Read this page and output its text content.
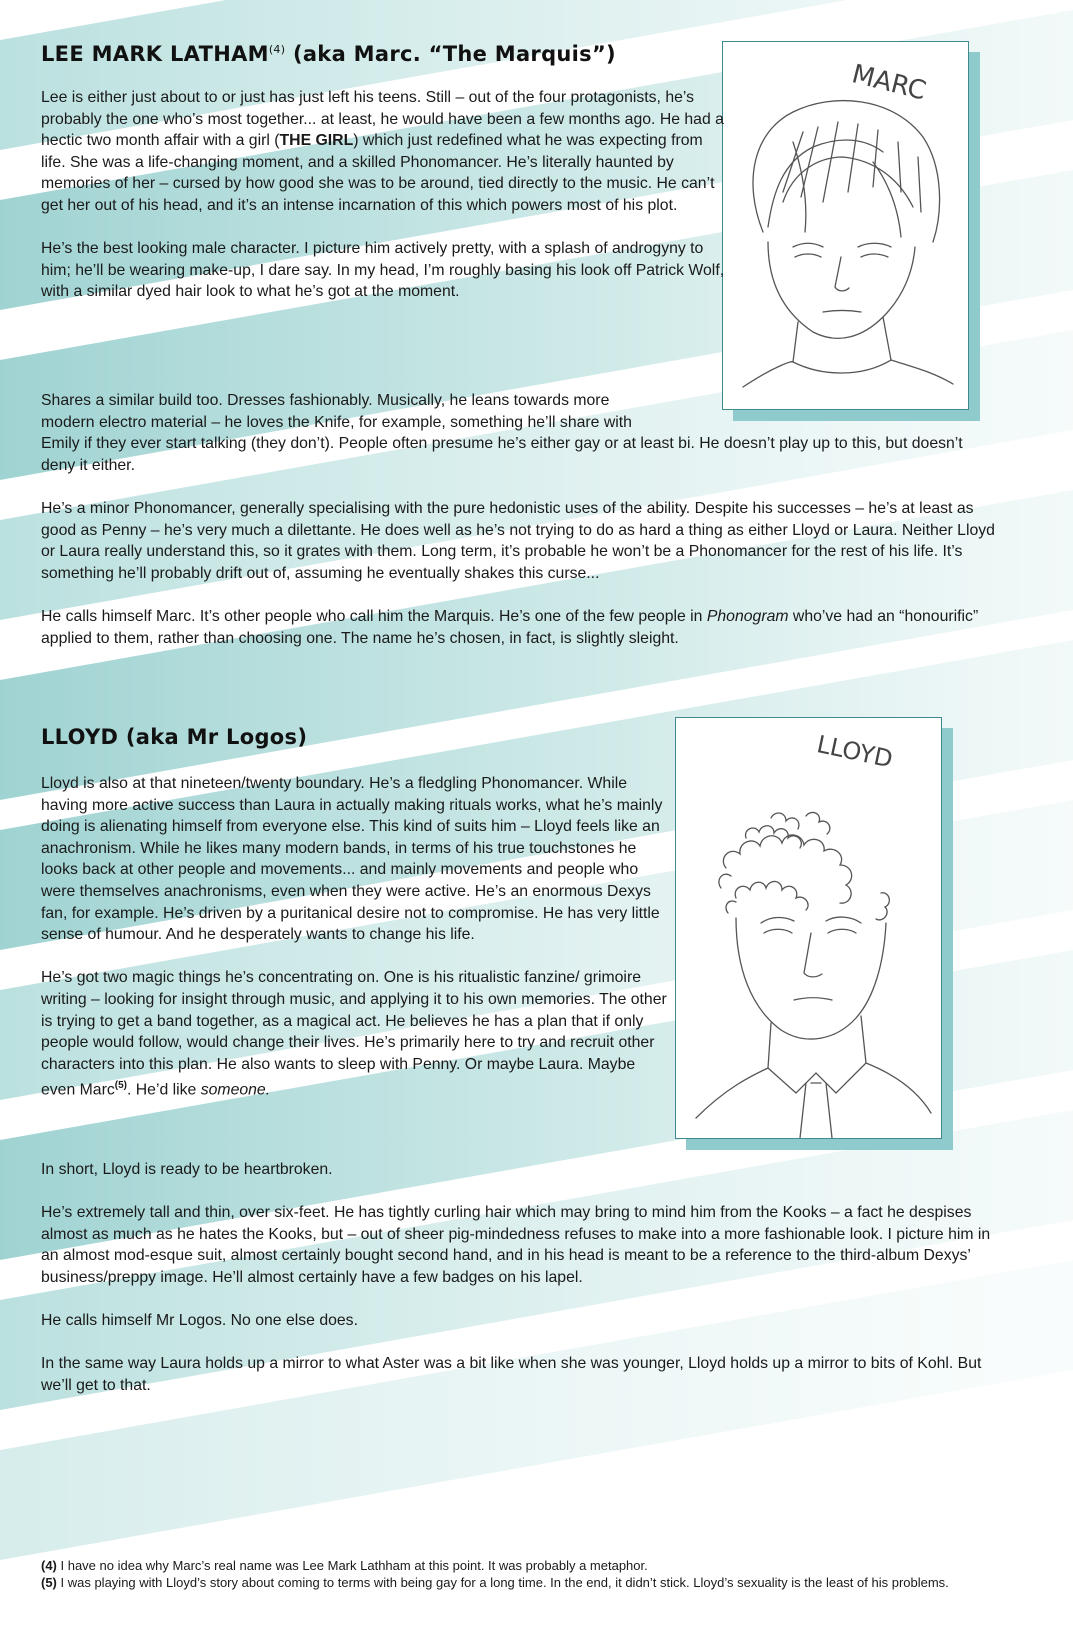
LEE MARK LATHAM$^{(4)}$ (aka Marc. “The Marquis”)
MARC

Lee is either just about to or just has just left his teens. Still – out of the four protagonists, he’s probably the one who’s most together... at least, he would have been a few months ago. He had a hectic two month affair with a girl (THE GIRL) which just redefined what he was expecting from life. She was a life-changing moment, and a skilled Phonomancer. He’s literally haunted by memories of her – cursed by how good she was to be around, tied directly to the music. He can’t get her out of his head, and it’s an intense incarnation of this which powers most of his plot.

He’s the best looking male character. I picture him actively pretty, with a splash of androgyny to him; he’ll be wearing make-up, I dare say. In my head, I’m roughly basing his look off Patrick Wolf, with a similar dyed hair look to what he’s got at the moment.

Shares a similar build too. Dresses fashionably. Musically, he leans towards more
modern electro material – he loves the Knife, for example, something he’ll share with
Emily if they ever start talking (they don’t). People often presume he’s either gay or at least bi. He doesn’t play up to this, but doesn’t deny it either.

He’s a minor Phonomancer, generally specialising with the pure hedonistic uses of the ability. Despite his successes – he’s at least as good as Penny – he’s very much a dilettante. He does well as he’s not trying to do as hard a thing as either Lloyd or Laura. Neither Lloyd or Laura really understand this, so it grates with them. Long term, it’s probable he won’t be a Phonomancer for the rest of his life. It’s something he’ll probably drift out of, assuming he eventually shakes this curse...

He calls himself Marc. It’s other people who call him the Marquis. He’s one of the few people in Phonogram who’ve had an “honourific” applied to them, rather than choosing one. The name he’s chosen, in fact, is slightly sleight.

LLOYD (aka Mr Logos)	LLOYD

Lloyd is also at that nineteen/twenty boundary. He’s a fledgling Phonomancer. While having more active success than Laura in actually making rituals works, what he’s mainly doing is alienating himself from everyone else. This kind of suits him – Lloyd feels like an anachronism. While he likes many modern bands, in terms of his true touchstones he looks back at other people and movements... and mainly movements and people who were themselves anachronisms, even when they were active. He’s an enormous Dexys fan, for example. He’s driven by a puritanical desire not to compromise. He has very little sense of humour. And he desperately wants to change his life.

He’s got two magic things he’s concentrating on. One is his ritualistic fanzine/ grimoire writing – looking for insight through music, and applying it to his own memories. The other is trying to get a band together, as a magical act. He believes he has a plan that if only people would follow, would change their lives. He’s primarily here to try and recruit other characters into this plan. He also wants to sleep with Penny. Or maybe Laura. Maybe even Marc$^{(5)}$. He’d like someone.

In short, Lloyd is ready to be heartbroken.

He’s extremely tall and thin, over six-feet. He has tightly curling hair which may bring to mind him from the Kooks – a fact he despises almost as much as he hates the Kooks, but – out of sheer pig-mindedness refuses to make into a more fashionable look. I picture him in an almost mod-esque suit, almost certainly bought second hand, and in his head is meant to be a reference to the third-album Dexys’ business/preppy image. He’ll almost certainly have a few badges on his lapel.

He calls himself Mr Logos. No one else does.

In the same way Laura holds up a mirror to what Aster was a bit like when she was younger, Lloyd holds up a mirror to bits of Kohl. But we’ll get to that.

(4) I have no idea why Marc’s real name was Lee Mark Lathham at this point. It was probably a metaphor.
(5) I was playing with Lloyd’s story about coming to terms with being gay for a long time. In the end, it didn’t stick. Lloyd’s sexuality is the least of his problems.
